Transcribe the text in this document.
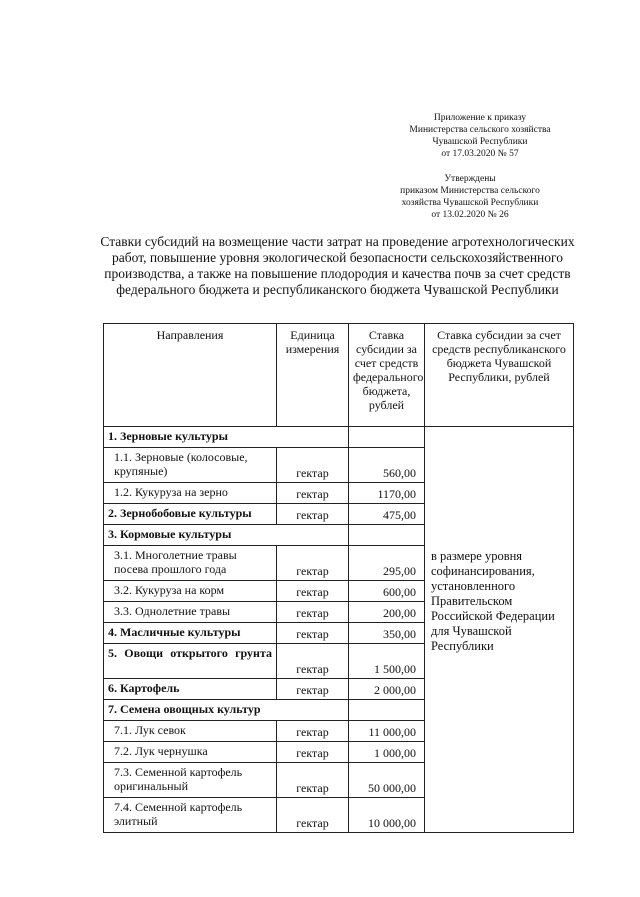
Приложение к приказу
Министерства сельского хозяйства
Чувашской Республики
от 17.03.2020 № 57
Утверждены
приказом Министерства сельского
хозяйства Чувашской Республики
от 13.02.2020 № 26
Ставки субсидий на возмещение части затрат на проведение агротехнологических работ, повышение уровня экологической безопасности сельскохозяйственного производства, а также на повышение плодородия и качества почв за счет средств федерального бюджета и республиканского бюджета Чувашской Республики
Направления	Единица измерения	Ставка субсидии за счет средств федерального бюджета, рублей	Ставка субсидии за счет средств республиканского бюджета Чувашской Республики, рублей
1. Зерновые культуры			в размере уровня софинансирования, установленного Правительском Российской Федерации для Чувашской Республики
1.1. Зерновые (колосовые, крупяные)	гектар	560,00	
1.2. Кукуруза на зерно	гектар	1170,00	
2. Зернобобовые культуры	гектар	475,00	
3. Кормовые культуры			
3.1. Многолетние травы посева прошлого года	гектар	295,00	
3.2. Кукуруза на корм	гектар	600,00	
3.3. Однолетние травы	гектар	200,00	
4. Масличные культуры	гектар	350,00	
5. Овощи открытого грунта	гектар	1 500,00	
6. Картофель	гектар	2 000,00	
7. Семена овощных культур			
7.1. Лук севок	гектар	11 000,00	
7.2. Лук чернушка	гектар	1 000,00	
7.3. Семенной картофель оригинальный	гектар	50 000,00	
7.4. Семенной картофель элитный	гектар	10 000,00	
